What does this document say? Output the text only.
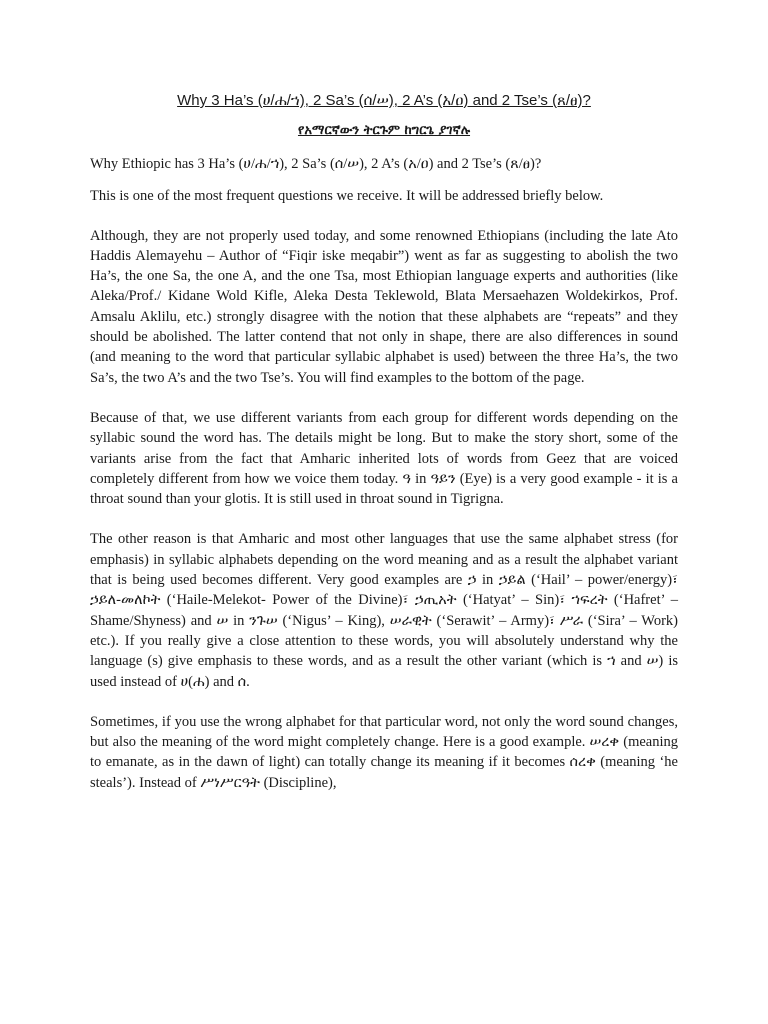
Why 3 Ha’s (ሀ/ሐ/ኀ), 2 Sa’s (ሰ/ሠ), 2 A’s (አ/ዐ) and 2 Tse’s (ጸ/ፀ)?
የአማርኛውን ትርጉም ከግርጌ ያገኛሉ

Why Ethiopic has 3 Ha’s (ሀ/ሐ/ኀ), 2 Sa’s (ሰ/ሠ), 2 A’s (አ/ዐ) and 2 Tse’s (ጸ/ፀ)?

This is one of the most frequent questions we receive. It will be addressed briefly below.

Although, they are not properly used today, and some renowned Ethiopians (including the late Ato Haddis Alemayehu – Author of “Fiqir iske meqabir”) went as far as suggesting to abolish the two Ha’s, the one Sa, the one A, and the one Tsa, most Ethiopian language experts and authorities (like Aleka/Prof./ Kidane Wold Kifle, Aleka Desta Teklewold, Blata Mersaehazen Woldekirkos, Prof. Amsalu Aklilu, etc.) strongly disagree with the notion that these alphabets are “repeats” and they should be abolished. The latter contend that not only in shape, there are also differences in sound (and meaning to the word that particular syllabic alphabet is used) between the three Ha’s, the two Sa’s, the two A’s and the two Tse’s. You will find examples to the bottom of the page.

Because of that, we use different variants from each group for different words depending on the syllabic sound the word has. The details might be long. But to make the story short, some of the variants arise from the fact that Amharic inherited lots of words from Geez that are voiced completely different from how we voice them today. ዓ in ዓይን (Eye) is a very good example - it is a throat sound than your glotis. It is still used in throat sound in Tigrigna.

The other reason is that Amharic and most other languages that use the same alphabet stress (for emphasis) in syllabic alphabets depending on the word meaning and as a result the alphabet variant that is being used becomes different. Very good examples are ኃ in ኃይል (‘Hail’ – power/energy)፣ ኃይለ-መለኮት (‘Haile-Melekot- Power of the Divine)፣ ኃጢአት (‘Hatyat’ – Sin)፣ ኀፍረት (‘Hafret’ – Shame/Shyness) and ሠ in ንጉሠ (‘Nigus’ – King), ሠራዊት (‘Serawit’ – Army)፣ ሥራ (‘Sira’ – Work) etc.). If you really give a close attention to these words, you will absolutely understand why the language (s) give emphasis to these words, and as a result the other variant (which is ኀ and ሠ) is used instead of ሀ(ሐ) and ሰ.

Sometimes, if you use the wrong alphabet for that particular word, not only the word sound changes, but also the meaning of the word might completely change. Here is a good example. ሠረቀ (meaning to emanate, as in the dawn of light) can totally change its meaning if it becomes ሰረቀ (meaning ‘he steals’). Instead of ሥነሥርዓት (Discipline),
